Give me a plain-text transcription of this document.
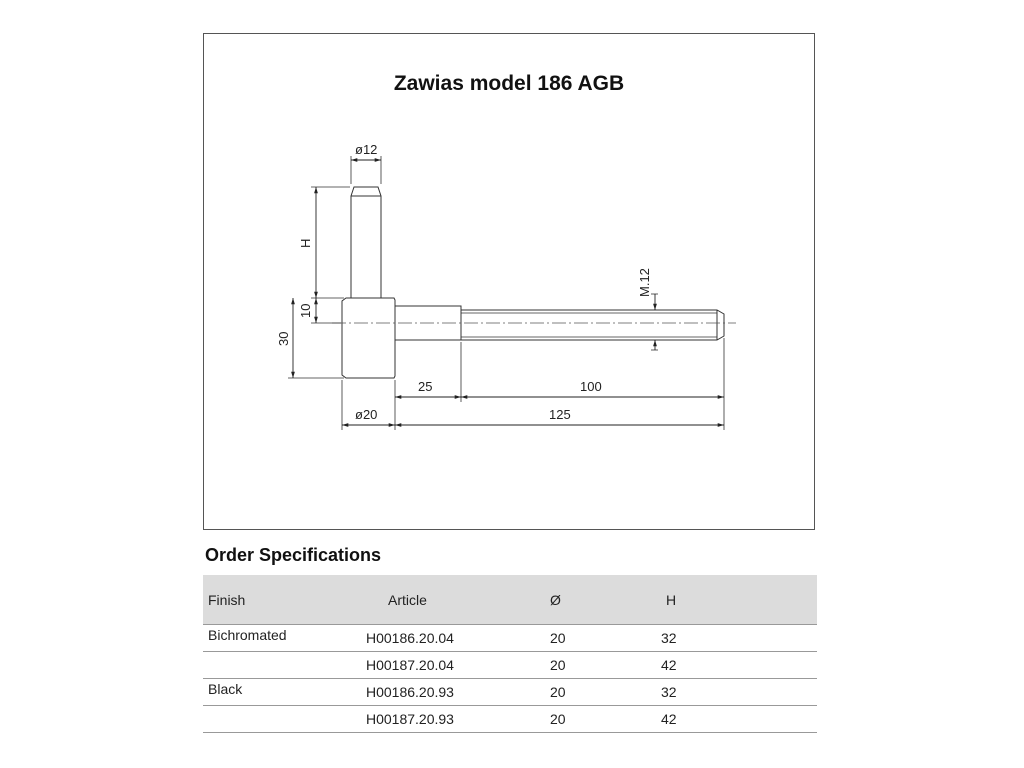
Zawias model 186 AGB
ø12
H
10
30
M.12
25	100
125
ø20
Order Specifications
Finish	Article	Ø	H
Bichromated	H00186.20.04	20	32
	H00187.20.04	20	42
Black	H00186.20.93	20	32
	H00187.20.93	20	42
